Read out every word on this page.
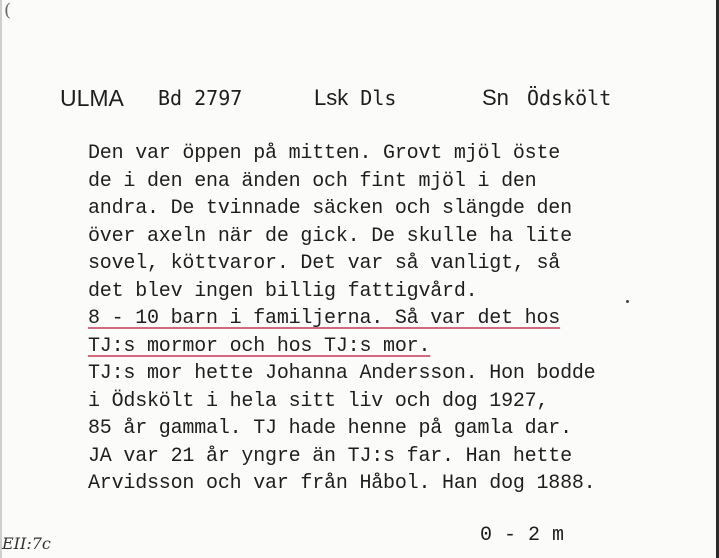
(
ULMA Bd 2797	Lsk Dls	Sn Ödsköl​t
Den var öppen på mitten. Grovt mjöl öste
de i den ena änden och fint mjöl i den
andra. De tvinnade säcken och slängde den
över axeln när de gick. De skulle ha lite
sovel, köttvaror. Det var så vanligt, så
det blev ingen billig fattigvård.
8 - 10 barn i familjerna. Så var det hos
TJ:s mormor och hos TJ:s mor.
TJ:s mor hette Johanna Andersson. Hon bodde
i Ödsköl​t i hela sitt liv och dog 1927,
85 år gammal. TJ hade henne på gamla dar.
JA var 21 år yngre än TJ:s far. Han hette
Arvidsson och var från Håbol. Han dog 1888.
0 - 2 m
EII:7c
